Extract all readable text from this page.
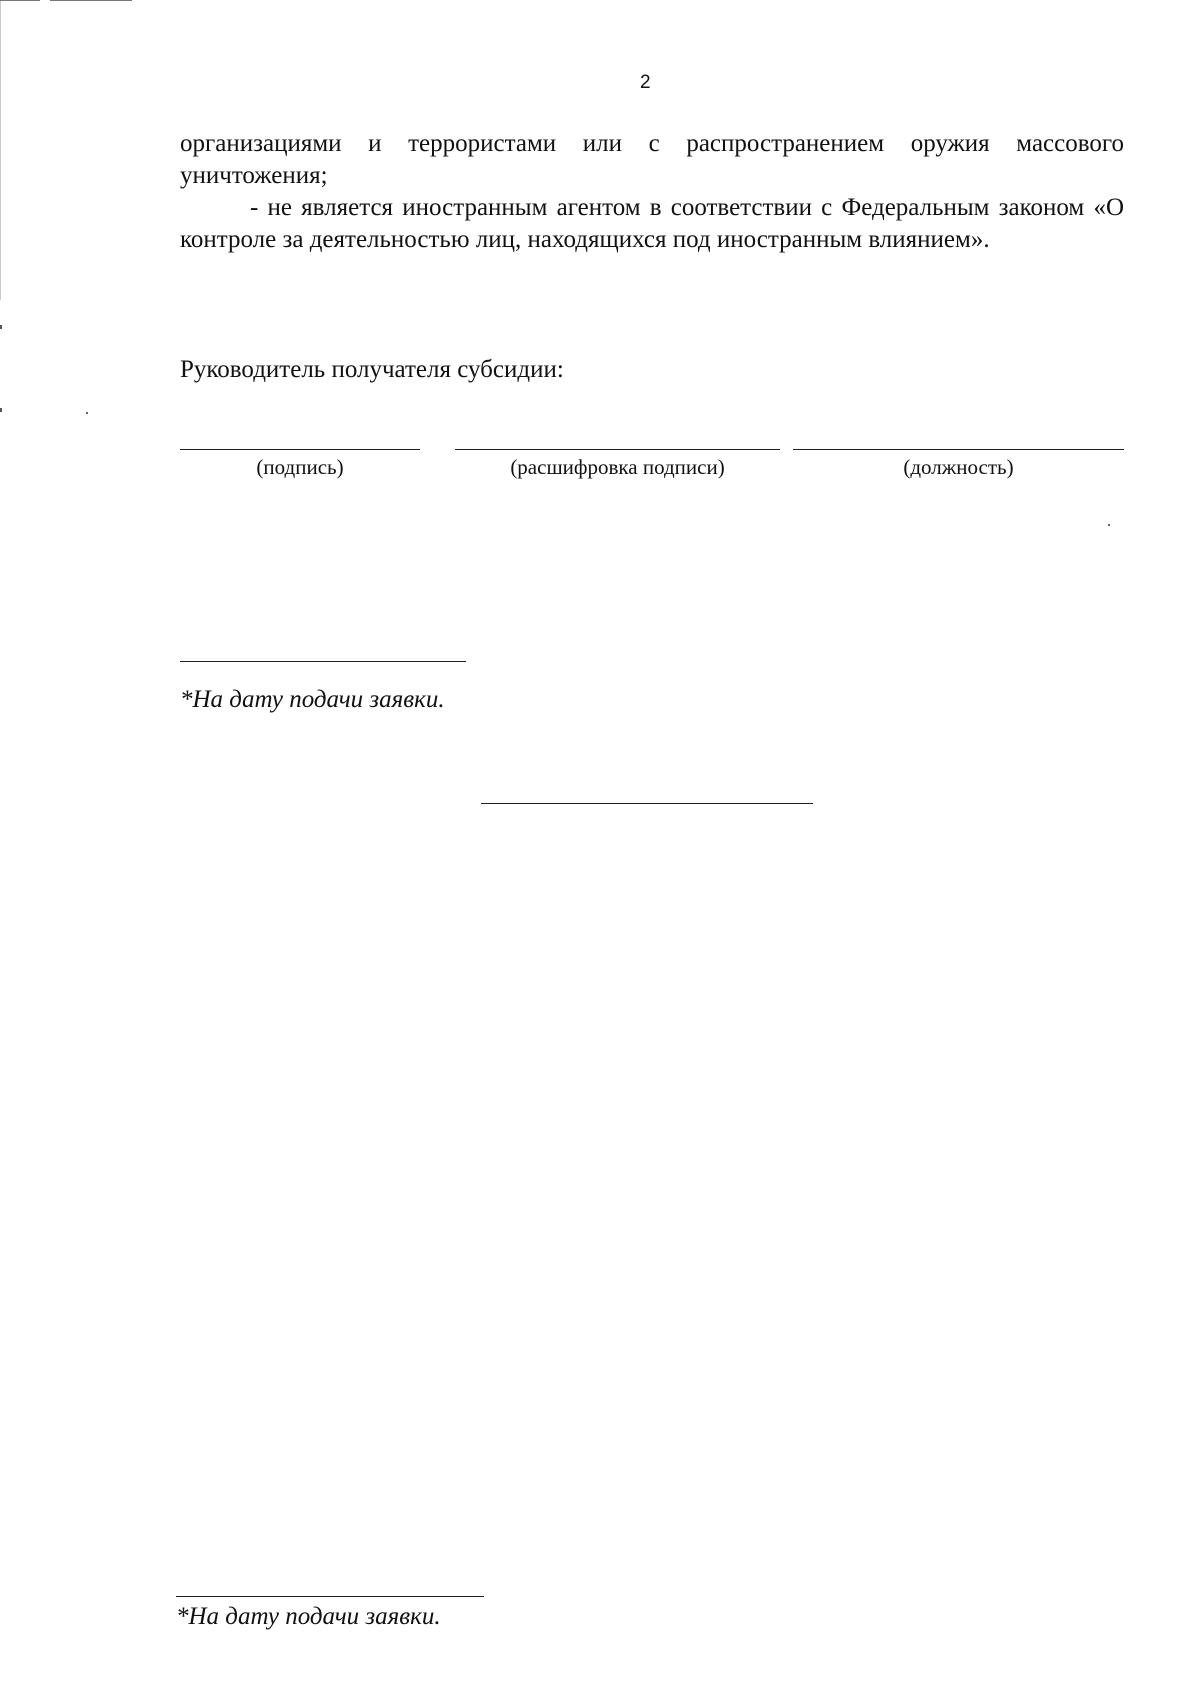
2

организациями и террористами или с распространением оружия массового уничтожения;

- не является иностранным агентом в соответствии с Федеральным законом «О контроле за деятельностью лиц, находящихся под иностранным влиянием».

Руководитель получателя субсидии:
(подпись)	(расшифровка подписи)	(должность)
*На дату подачи заявки.
*На дату подачи заявки.
